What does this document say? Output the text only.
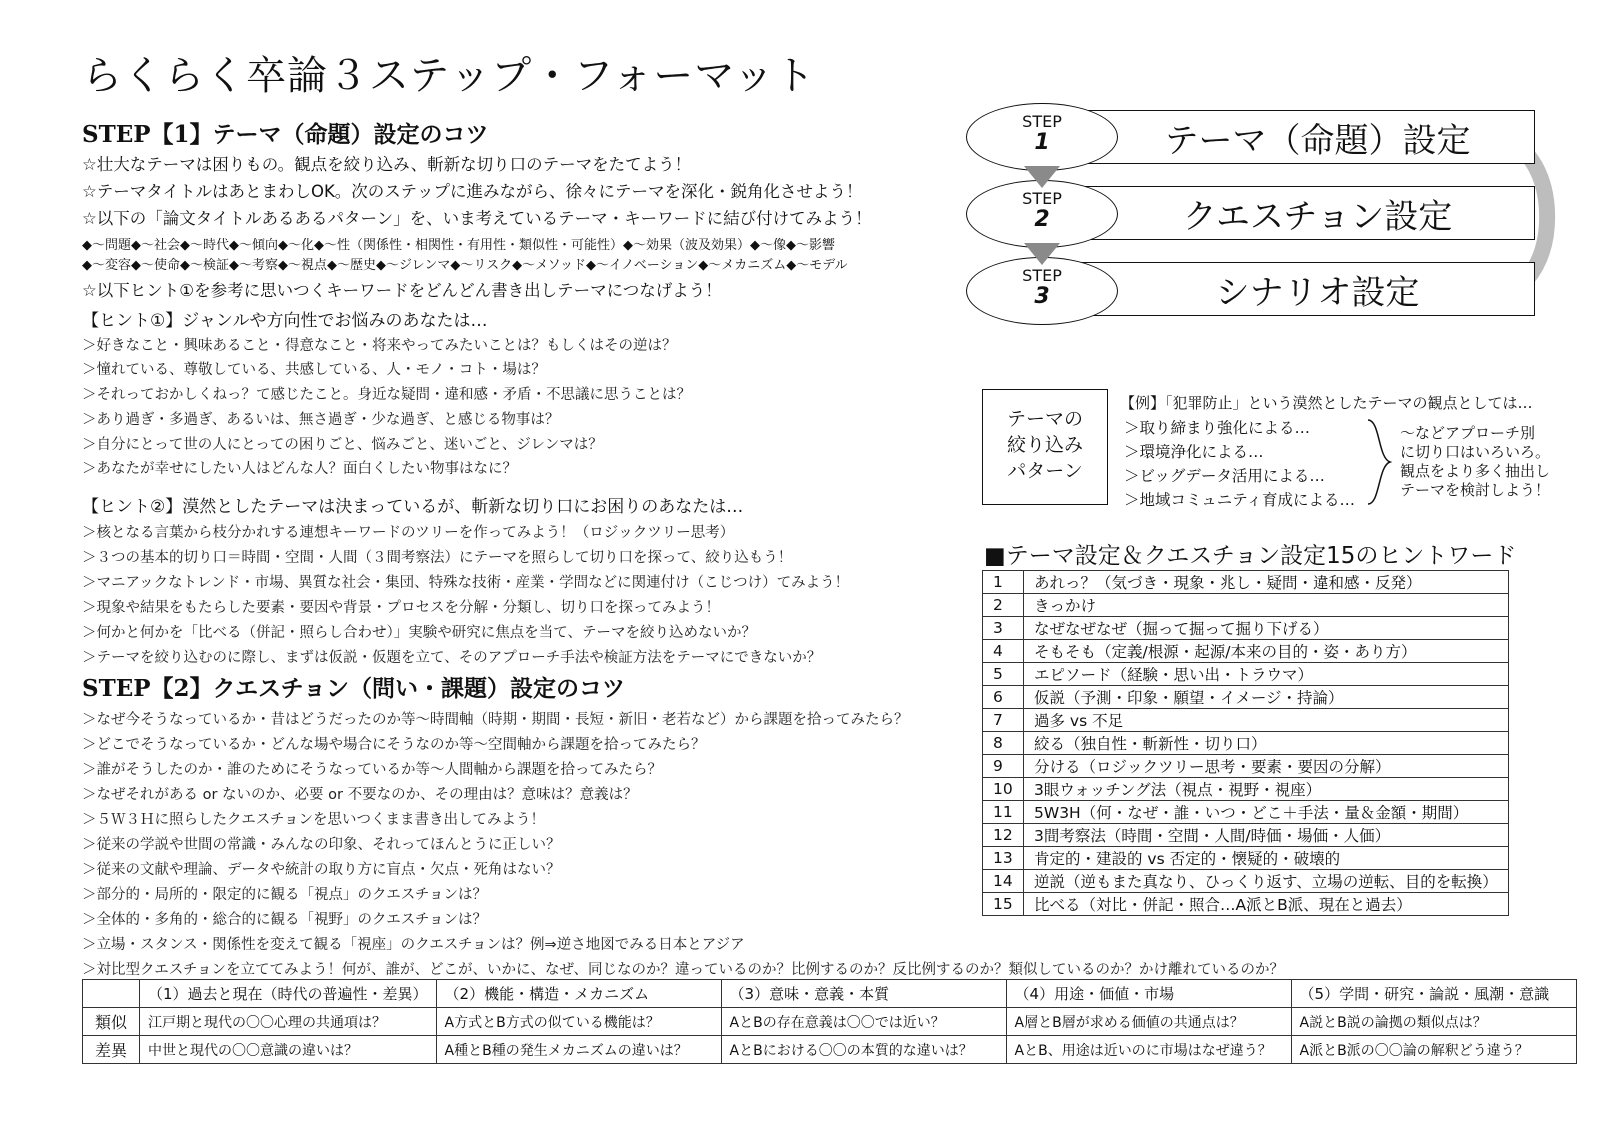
らくらく卒論３ステップ・フォーマット
STEP【1】テーマ（命題）設定のコツ
☆壮大なテーマは困りもの。観点を絞り込み、斬新な切り口のテーマをたてよう！
☆テーマタイトルはあとまわしOK。次のステップに進みながら、徐々にテーマを深化・鋭角化させよう！
☆以下の「論文タイトルあるあるパターン」を、いま考えているテーマ・キーワードに結び付けてみよう！
◆〜問題◆〜社会◆〜時代◆〜傾向◆〜化◆〜性（関係性・相関性・有用性・類似性・可能性）◆〜効果（波及効果）◆〜像◆〜影響
◆〜変容◆〜使命◆〜検証◆〜考察◆〜視点◆〜歴史◆〜ジレンマ◆〜リスク◆〜メソッド◆〜イノベーション◆〜メカニズム◆〜モデル
☆以下ヒント①を参考に思いつくキーワードをどんどん書き出しテーマにつなげよう！
【ヒント①】ジャンルや方向性でお悩みのあなたは…
＞好きなこと・興味あること・得意なこと・将来やってみたいことは？もしくはその逆は？
＞憧れている、尊敬している、共感している、人・モノ・コト・場は？
＞それっておかしくねっ？て感じたこと。身近な疑問・違和感・矛盾・不思議に思うことは？
＞あり過ぎ・多過ぎ、あるいは、無さ過ぎ・少な過ぎ、と感じる物事は？
＞自分にとって世の人にとっての困りごと、悩みごと、迷いごと、ジレンマは？
＞あなたが幸せにしたい人はどんな人？面白くしたい物事はなに？
【ヒント②】漠然としたテーマは決まっているが、斬新な切り口にお困りのあなたは…
＞核となる言葉から枝分かれする連想キーワードのツリーを作ってみよう！（ロジックツリー思考）
＞３つの基本的切り口＝時間・空間・人間（３間考察法）にテーマを照らして切り口を探って、絞り込もう！
＞マニアックなトレンド・市場、異質な社会・集団、特殊な技術・産業・学問などに関連付け（こじつけ）てみよう！
＞現象や結果をもたらした要素・要因や背景・プロセスを分解・分類し、切り口を探ってみよう！
＞何かと何かを「比べる（併記・照らし合わせ）」実験や研究に焦点を当て、テーマを絞り込めないか？
＞テーマを絞り込むのに際し、まずは仮説・仮題を立て、そのアプローチ手法や検証方法をテーマにできないか？
STEP【2】クエスチョン（問い・課題）設定のコツ
＞なぜ今そうなっているか・昔はどうだったのか等〜時間軸（時期・期間・長短・新旧・老若など）から課題を拾ってみたら？
＞どこでそうなっているか・どんな場や場合にそうなのか等〜空間軸から課題を拾ってみたら？
＞誰がそうしたのか・誰のためにそうなっているか等〜人間軸から課題を拾ってみたら？
＞なぜそれがある or ないのか、必要 or 不要なのか、その理由は？意味は？意義は？
＞５Ｗ３Ｈに照らしたクエスチョンを思いつくまま書き出してみよう！
＞従来の学説や世間の常識・みんなの印象、それってほんとうに正しい？
＞従来の文献や理論、データや統計の取り方に盲点・欠点・死角はない？
＞部分的・局所的・限定的に観る「視点」のクエスチョンは？
＞全体的・多角的・総合的に観る「視野」のクエスチョンは？
＞立場・スタンス・関係性を変えて観る「視座」のクエスチョンは？例⇒逆さ地図でみる日本とアジア
＞対比型クエスチョンを立ててみよう！何が、誰が、どこが、いかに、なぜ、同じなのか？違っているのか？比例するのか？反比例するのか？類似しているのか？かけ離れているのか？
テーマ（命題）設定
クエスチョン設定
シナリオ設定
STEP
1
STEP
2
STEP
3
テーマの
絞り込み
パターン
【例】「犯罪防止」という漠然としたテーマの観点としては…
＞取り締まり強化による…
＞環境浄化による…
＞ビッグデータ活用による…
＞地域コミュニティ育成による…
〜などアプローチ別
に切り口はいろいろ。
観点をより多く抽出し
テーマを検討しよう！
■テーマ設定＆クエスチョン設定15のヒントワード
1	あれっ？（気づき・現象・兆し・疑問・違和感・反発）
2	きっかけ
3	なぜなぜなぜ（掘って掘って掘り下げる）
4	そもそも（定義/根源・起源/本来の目的・姿・あり方）
5	エピソード（経験・思い出・トラウマ）
6	仮説（予測・印象・願望・イメージ・持論）
7	過多 vs 不足
8	絞る（独自性・斬新性・切り口）
9	分ける（ロジックツリー思考・要素・要因の分解）
10	3眼ウォッチング法（視点・視野・視座）
11	5W3H（何・なぜ・誰・いつ・どこ＋手法・量＆金額・期間）
12	3間考察法（時間・空間・人間/時価・場価・人価）
13	肯定的・建設的 vs 否定的・懐疑的・破壊的
14	逆説（逆もまた真なり、ひっくり返す、立場の逆転、目的を転換）
15	比べる（対比・併記・照合…A派とB派、現在と過去）
	（1）過去と現在（時代の普遍性・差異）	（2）機能・構造・メカニズム	（3）意味・意義・本質	（4）用途・価値・市場	（5）学問・研究・論説・風潮・意識
類似	江戸期と現代の〇〇心理の共通項は？	A方式とB方式の似ている機能は？	AとBの存在意義は〇〇では近い？	A層とB層が求める価値の共通点は？	A説とB説の論拠の類似点は？
差異	中世と現代の〇〇意識の違いは？	A種とB種の発生メカニズムの違いは？	AとBにおける〇〇の本質的な違いは？	AとB、用途は近いのに市場はなぜ違う？	A派とB派の〇〇論の解釈どう違う？
